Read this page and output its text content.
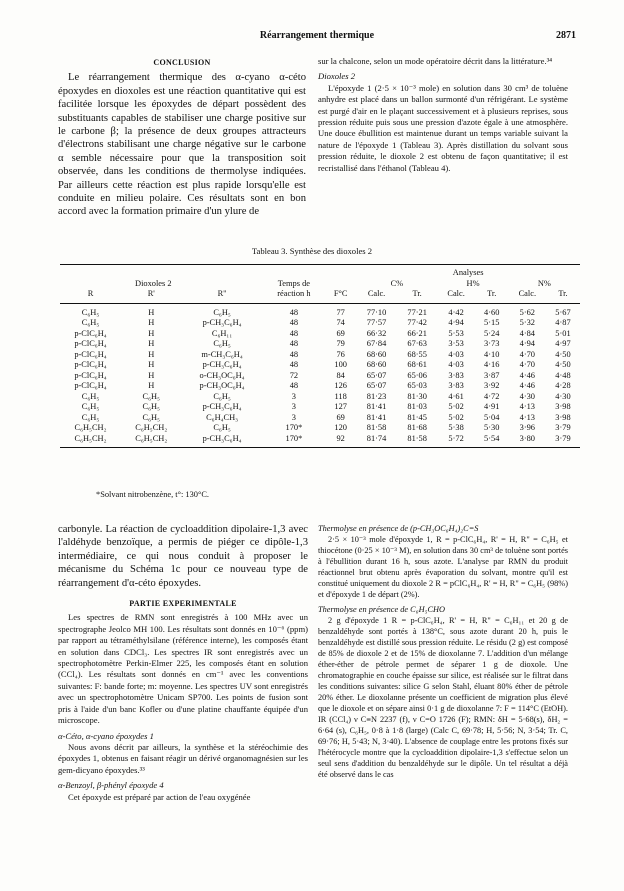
Réarrangement thermique	2871

CONCLUSION

Le réarrangement thermique des α-cyano α-céto époxydes en dioxoles est une réaction quantitative qui est facilitée lorsque les époxydes de départ possèdent des substituants capables de stabiliser une charge positive sur le carbone β; la présence de deux groupes attracteurs d'électrons stabilisant une charge négative sur le carbone α semble nécessaire pour que la transposition soit observée, dans les conditions de thermolyse indiquées. Par ailleurs cette réaction est plus rapide lorsqu'elle est conduite en milieu polaire. Ces résultats sont en bon accord avec la formation primaire d'un ylure de

sur la chalcone, selon un mode opératoire décrit dans la littérature.³⁴

Dioxoles 2

L'époxyde 1 (2·5 × 10⁻³ mole) en solution dans 30 cm³ de toluène anhydre est placé dans un ballon surmonté d'un réfrigérant. Le système est purgé d'air en le plaçant successivement et à plusieurs reprises, sous pression réduite puis sous une pression d'azote égale à une atmosphère. Une douce ébullition est maintenue durant un temps variable suivant la nature de l'époxyde 1 (Tableau 3). Après distillation du solvant sous pression réduite, le dioxole 2 est obtenu de façon quantitative; il est recristallisé dans l'éthanol (Tableau 4).

Tableau 3. Synthèse des dioxoles 2

					Analyses					
	Dioxoles 2		Temps de		C%		H%		N%	
R	R'	R"	réaction h	F°C	Calc.	Tr.	Calc.	Tr.	Calc.	Tr.
C₆H₅	H	C₆H₅	48	77	77·10	77·21	4·42	4·60	5·62	5·67
C₆H₅	H	p-CH₃C₆H₄	48	74	77·57	77·42	4·94	5·15	5·32	4·87
p-ClC₆H₄	H	C₆H₁₁	48	69	66·32	66·21	5·53	5·24	4·84	5·01
p-ClC₆H₄	H	C₆H₅	48	79	67·84	67·63	3·53	3·73	4·94	4·97
p-ClC₆H₄	H	m-CH₃C₆H₄	48	76	68·60	68·55	4·03	4·10	4·70	4·50
p-ClC₆H₄	H	p-CH₃C₆H₄	48	100	68·60	68·61	4·03	4·16	4·70	4·50
p-ClC₆H₄	H	o-CH₃OC₆H₄	72	84	65·07	65·06	3·83	3·87	4·46	4·48
p-ClC₆H₄	H	p-CH₃OC₆H₄	48	126	65·07	65·03	3·83	3·92	4·46	4·28
C₆H₅	C₆H₅	C₆H₅	3	118	81·23	81·30	4·61	4·72	4·30	4·30
C₆H₅	C₆H₅	p-CH₃C₆H₄	3	127	81·41	81·03	5·02	4·91	4·13	3·98
C₆H₅	C₆H₅	C₆H₄CH₃	3	69	81·41	81·45	5·02	5·04	4·13	3·98
C₆H₅CH₂	C₆H₅CH₂	C₆H₅	170*	120	81·58	81·68	5·38	5·30	3·96	3·79
C₆H₅CH₂	C₆H₅CH₂	p-CH₃C₆H₄	170*	92	81·74	81·58	5·72	5·54	3·80	3·79
*Solvant nitrobenzène, t°: 130°C.

carbonyle. La réaction de cycloaddition dipolaire-1,3 avec l'aldéhyde benzoïque, a permis de piéger ce dipôle-1,3 intermédiaire, ce qui nous conduit à proposer le mécanisme du Schéma 1c pour ce nouveau type de réarrangement d'α-céto époxydes.

PARTIE EXPERIMENTALE

Les spectres de RMN sont enregistrés à 100 MHz avec un spectrographe Jeolco MH 100. Les résultats sont donnés en 10⁻⁶ (ppm) par rapport au tétraméthylsilane (référence interne), les composés étant en solution dans CDCl₃. Les spectres IR sont enregistrés avec un spectrophotomètre Perkin-Elmer 225, les composés étant en solution (CCl₄). Les résultats sont donnés en cm⁻¹ avec les conventions suivantes: F: bande forte; m: moyenne. Les spectres UV sont enregistrés avec un spectrophotomètre Unicam SP700. Les points de fusion sont pris à l'aide d'un banc Kofler ou d'une platine chauffante équipée d'un microscope.

α-Céto, α-cyano époxydes 1

Nous avons décrit par ailleurs, la synthèse et la stéréochimie des époxydes 1, obtenus en faisant réagir un dérivé organomagnésien sur les gem-dicyano époxydes.³³

α-Benzoyl, β-phényl époxyde 4

Cet époxyde est préparé par action de l'eau oxygénée

Thermolyse en présence de (p-CH₃OC₆H₄)₂C=S

2·5 × 10⁻³ mole d'époxyde 1, R = p-ClC₆H₄, R' = H, R" = C₆H₅ et thiocétone (0·25 × 10⁻³ M), en solution dans 30 cm³ de toluène sont portés à l'ébullition durant 16 h, sous azote. L'analyse par RMN du produit réactionnel brut obtenu après évaporation du solvant, montre qu'il est constitué uniquement du dioxole 2 R = pClC₆H₄, R' = H, R" = C₆H₅ (98%) et d'époxyde 1 de départ (2%).

Thermolyse en présence de C₆H₅CHO

2 g d'époxyde 1 R = p-ClC₆H₄, R' = H, R" = C₆H₁₁ et 20 g de benzaldéhyde sont portés à 138°C, sous azote durant 20 h, puis le benzaldéhyde est distillé sous pression réduite. Le résidu (2 g) est composé de 85% de dioxole 2 et de 15% de dioxolanne 7. L'addition d'un mélange éther-éther de pétrole permet de séparer 1 g de dioxole. Une chromatographie en couche épaisse sur silice, est réalisée sur le filtrat dans les conditions suivantes: silice G selon Stahl, éluant 80% éther de pétrole 20% éther. Le dioxolanne présente un coefficient de migration plus élevé que le dioxole et on sépare ainsi 0·1 g de dioxolanne 7: F = 114°C (EtOH). IR (CCl₄) ν C≡N 2237 (f), ν C=O 1726 (F); RMN: δH = 5·68(s), δH₂ = 6·64 (s), C₆H₅, 0·8 à 1·8 (large) (Calc C, 69·78; H, 5·56; N, 3·54; Tr. C, 69·76; H, 5·43; N, 3·40). L'absence de couplage entre les protons fixés sur l'hétérocycle montre que la cycloaddition dipolaire-1,3 s'effectue selon un seul sens d'addition du benzaldéhyde sur le dipôle. Un tel résultat a déjà été observé dans le cas
